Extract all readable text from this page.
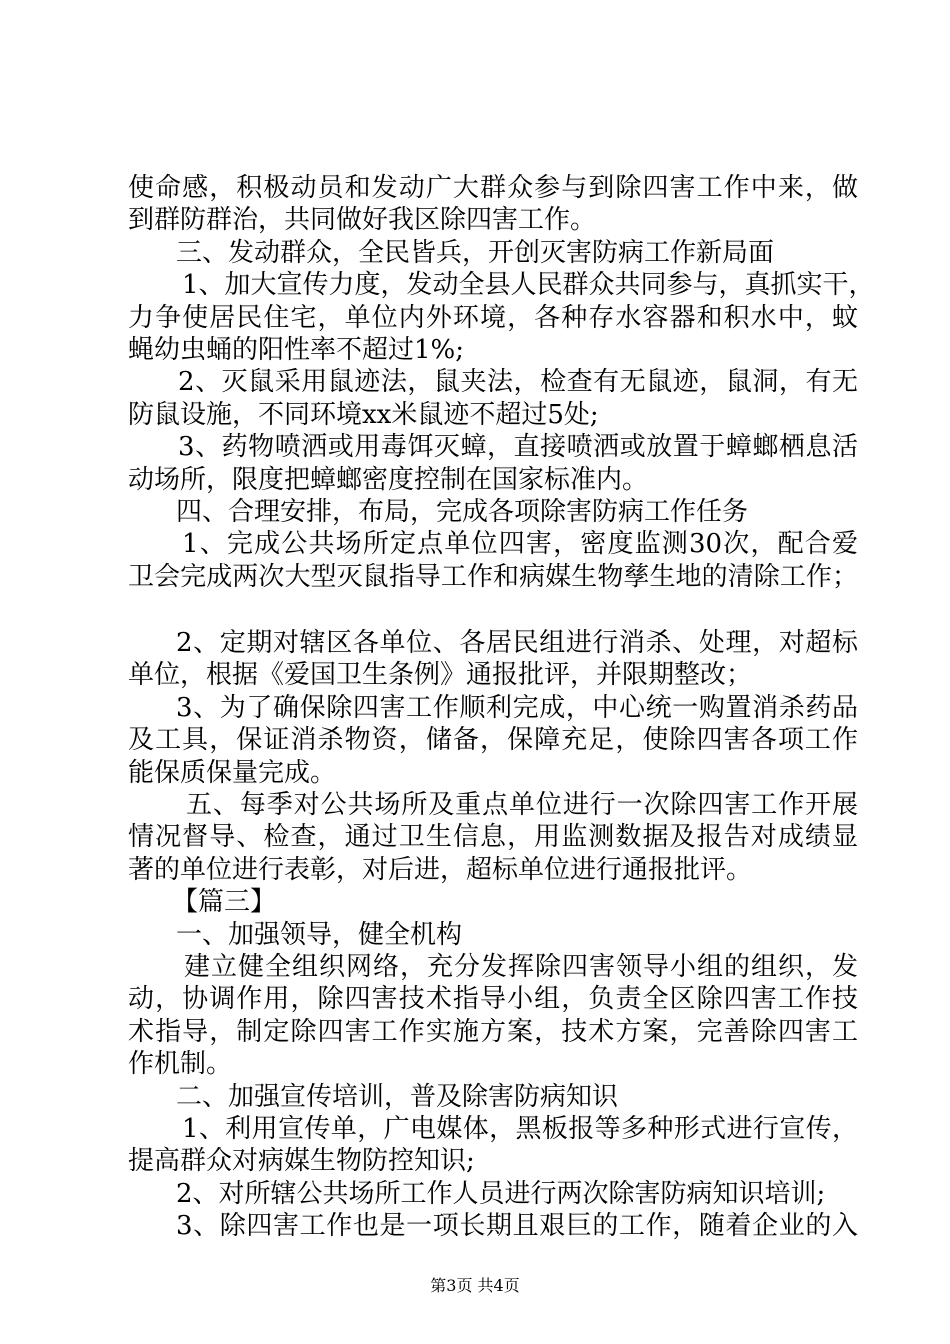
使命感，积极动员和发动广大群众参与到除四害工作中来，做
到群防群治，共同做好我区除四害工作。
三、发动群众，全民皆兵，开创灭害防病工作新局面
1、加大宣传力度，发动全县人民群众共同参与，真抓实干，
力争使居民住宅，单位内外环境，各种存水容器和积水中，蚊
蝇幼虫蛹的阳性率不超过1%;
2、灭鼠采用鼠迹法，鼠夹法，检查有无鼠迹，鼠洞，有无
防鼠设施，不同环境xx米鼠迹不超过5处;
3、药物喷洒或用毒饵灭蟑，直接喷洒或放置于蟑螂栖息活
动场所，限度把蟑螂密度控制在国家标准内。
四、合理安排，布局，完成各项除害防病工作任务
1、完成公共场所定点单位四害，密度监测30次，配合爱
卫会完成两次大型灭鼠指导工作和病媒生物孳生地的清除工作；
2、定期对辖区各单位、各居民组进行消杀、处理，对超标
单位，根据《爱国卫生条例》通报批评，并限期整改；
3、为了确保除四害工作顺利完成，中心统一购置消杀药品
及工具，保证消杀物资，储备，保障充足，使除四害各项工作
能保质保量完成。
五、每季对公共场所及重点单位进行一次除四害工作开展
情况督导、检查，通过卫生信息，用监测数据及报告对成绩显
著的单位进行表彰，对后进，超标单位进行通报批评。
【篇三】
一、加强领导，健全机构
建立健全组织网络，充分发挥除四害领导小组的组织，发
动，协调作用，除四害技术指导小组，负责全区除四害工作技
术指导，制定除四害工作实施方案，技术方案，完善除四害工
作机制。
二、加强宣传培训，普及除害防病知识
1、利用宣传单，广电媒体，黑板报等多种形式进行宣传，
提高群众对病媒生物防控知识;
2、对所辖公共场所工作人员进行两次除害防病知识培训;
3、除四害工作也是一项长期且艰巨的工作，随着企业的入
第3页 共4页
